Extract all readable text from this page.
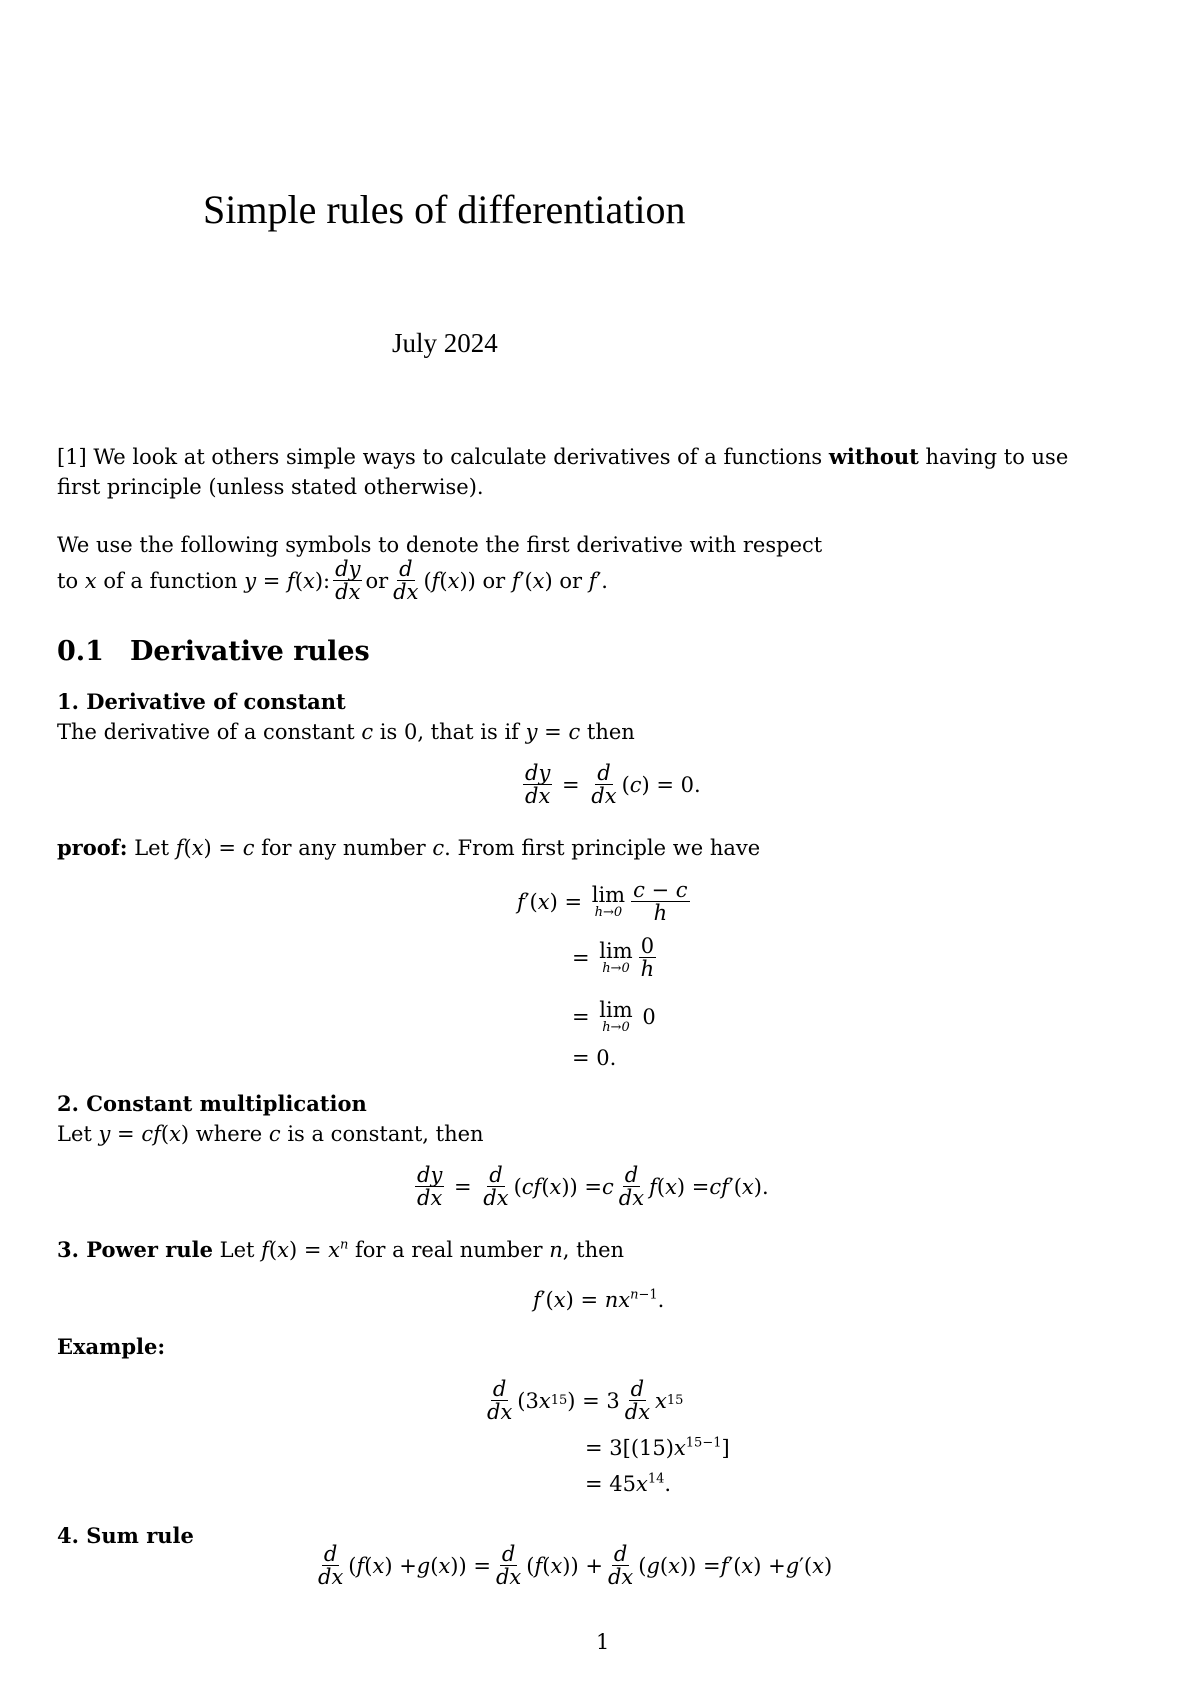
Simple rules of differentiation
July 2024
[1] We look at others simple ways to calculate derivatives of a functions without having to use
first principle (unless stated otherwise).
We use the following symbols to denote the first derivative with respect
to
x
of a function
y = f ( x ): $\frac{dy}{dx}$ or $\frac{d}{dx}$ ( f ( x )) or
f ′( x ) or
f ′.
0.1 Derivative rules
1. Derivative of constant
The derivative of a constant c is 0, that is if y = c then
$\frac{dy}{dx} = \frac{d}{dx}$ ( c ) = 0.
proof: Let f(x) = c for any number c. From first principle we have
f ′( x ) = lim
$h\to 0 \frac{c - c}{h}$
= lim
$h\to 0 \frac{0}{h}$
= lim
h→0 0
= 0.
2. Constant multiplication
Let y = cf(x) where c is a constant, then
$\frac{dy}{dx} = \frac{d}{dx}$ ( cf ( x )) = c $\frac{d}{dx}$ f ( x ) = cf ′( x ).
3. Power rule Let $f(x) = x^n$ for a real number n, then
$f'(x) = nx^{n-1}$.
Example:
$\frac{d}{dx} (3$ x 15 ) = $3 \frac{d}{dx}$ x 15
= $3[(15)x^{15-1}]$
= $45x^{14}$.
4. Sum rule
$\frac{d}{dx}$ ( f ( x ) + g ( x )) = $\frac{d}{dx}$ ( f ( x )) + $\frac{d}{dx}$ ( g ( x )) = f ′( x ) + g ′( x )
1
